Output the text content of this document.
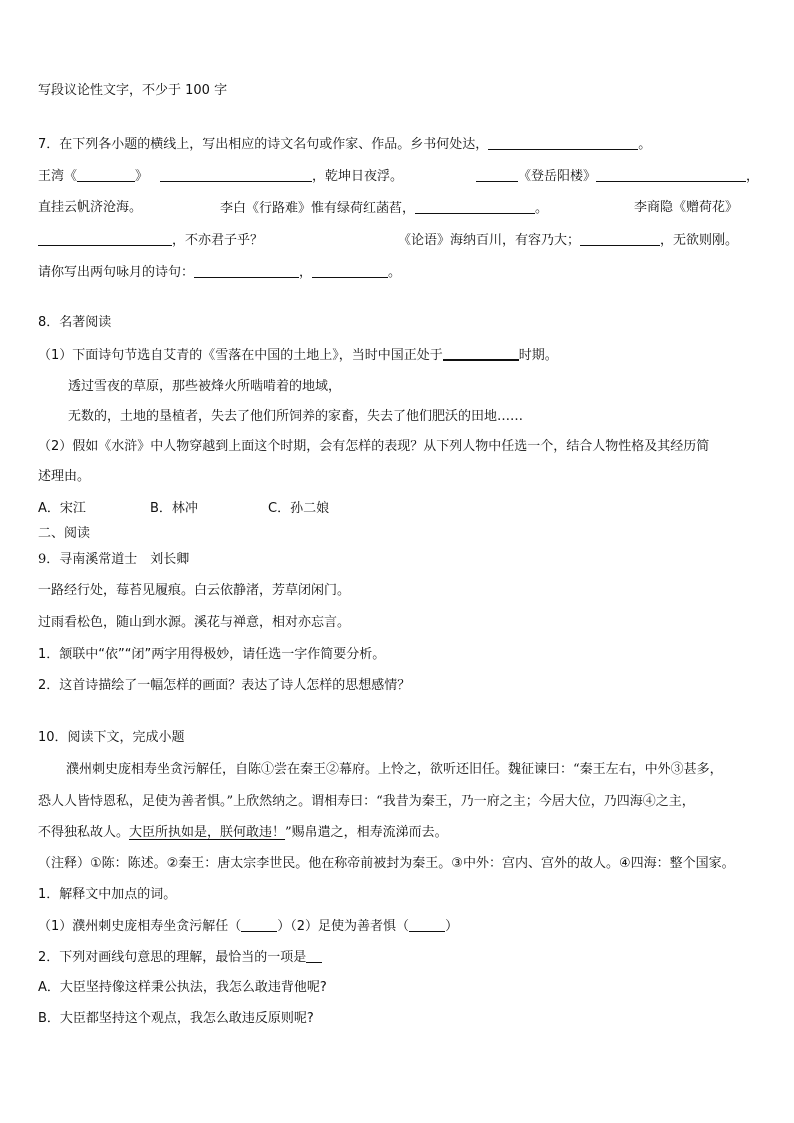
写段议论性文字，不少于 100 字
7．在下列各小题的横线上，写出相应的诗文名句或作家、作品。乡书何处达，	。
王湾《	》	，乾坤日夜浮。	《登岳阳楼》	，
直挂云帆济沧海。	李白《行路难》惟有绿荷红菡萏，	。	李商隐《赠荷花》
，不亦君子乎？	《论语》海纳百川，有容乃大；	，无欲则刚。
请你写出两句咏月的诗句：	，	。
8．名著阅读
（1）下面诗句节选自艾青的《雪落在中国的土地上》，当时中国正处于	时期。
透过雪夜的草原，那些被烽火所啮啃着的地域，
无数的，土地的垦植者，失去了他们所饲养的家畜，失去了他们肥沃的田地……
（2）假如《水浒》中人物穿越到上面这个时期，会有怎样的表现？从下列人物中任选一个，结合人物性格及其经历简
述理由。
A．宋江	B．林冲	C．孙二娘
二、阅读
9．寻南溪常道士　刘长卿
一路经行处，莓苔见履痕。白云依静渚，芳草闭闲门。
过雨看松色，随山到水源。溪花与禅意，相对亦忘言。
1．颔联中“依”“闭”两字用得极妙，请任选一字作简要分析。
2．这首诗描绘了一幅怎样的画面？表达了诗人怎样的思想感情？
10．阅读下文，完成小题
濮州刺史庞相寿坐贪污解任，自陈①尝在秦王②幕府。上怜之，欲听还旧任。魏征谏曰：“秦王左右，中外③甚多，
恐人人皆恃恩私，足使为善者惧。”上欣然纳之。谓相寿曰：“我昔为秦王，乃一府之主；今居大位，乃四海④之主，
不得独私故人。大臣所执如是，朕何敢违！”赐帛遣之，相寿流涕而去。
（注释）①陈：陈述。②秦王：唐太宗李世民。他在称帝前被封为秦王。③中外：宫内、宫外的故人。④四海：整个国家。
1．解释文中加点的词。
（1）濮州刺史庞相寿坐贪污解任（	）（2）足使为善者惧（	）
2．下列对画线句意思的理解，最恰当的一项是
A．大臣坚持像这样秉公执法，我怎么敢违背他呢?
B．大臣都坚持这个观点，我怎么敢违反原则呢?
